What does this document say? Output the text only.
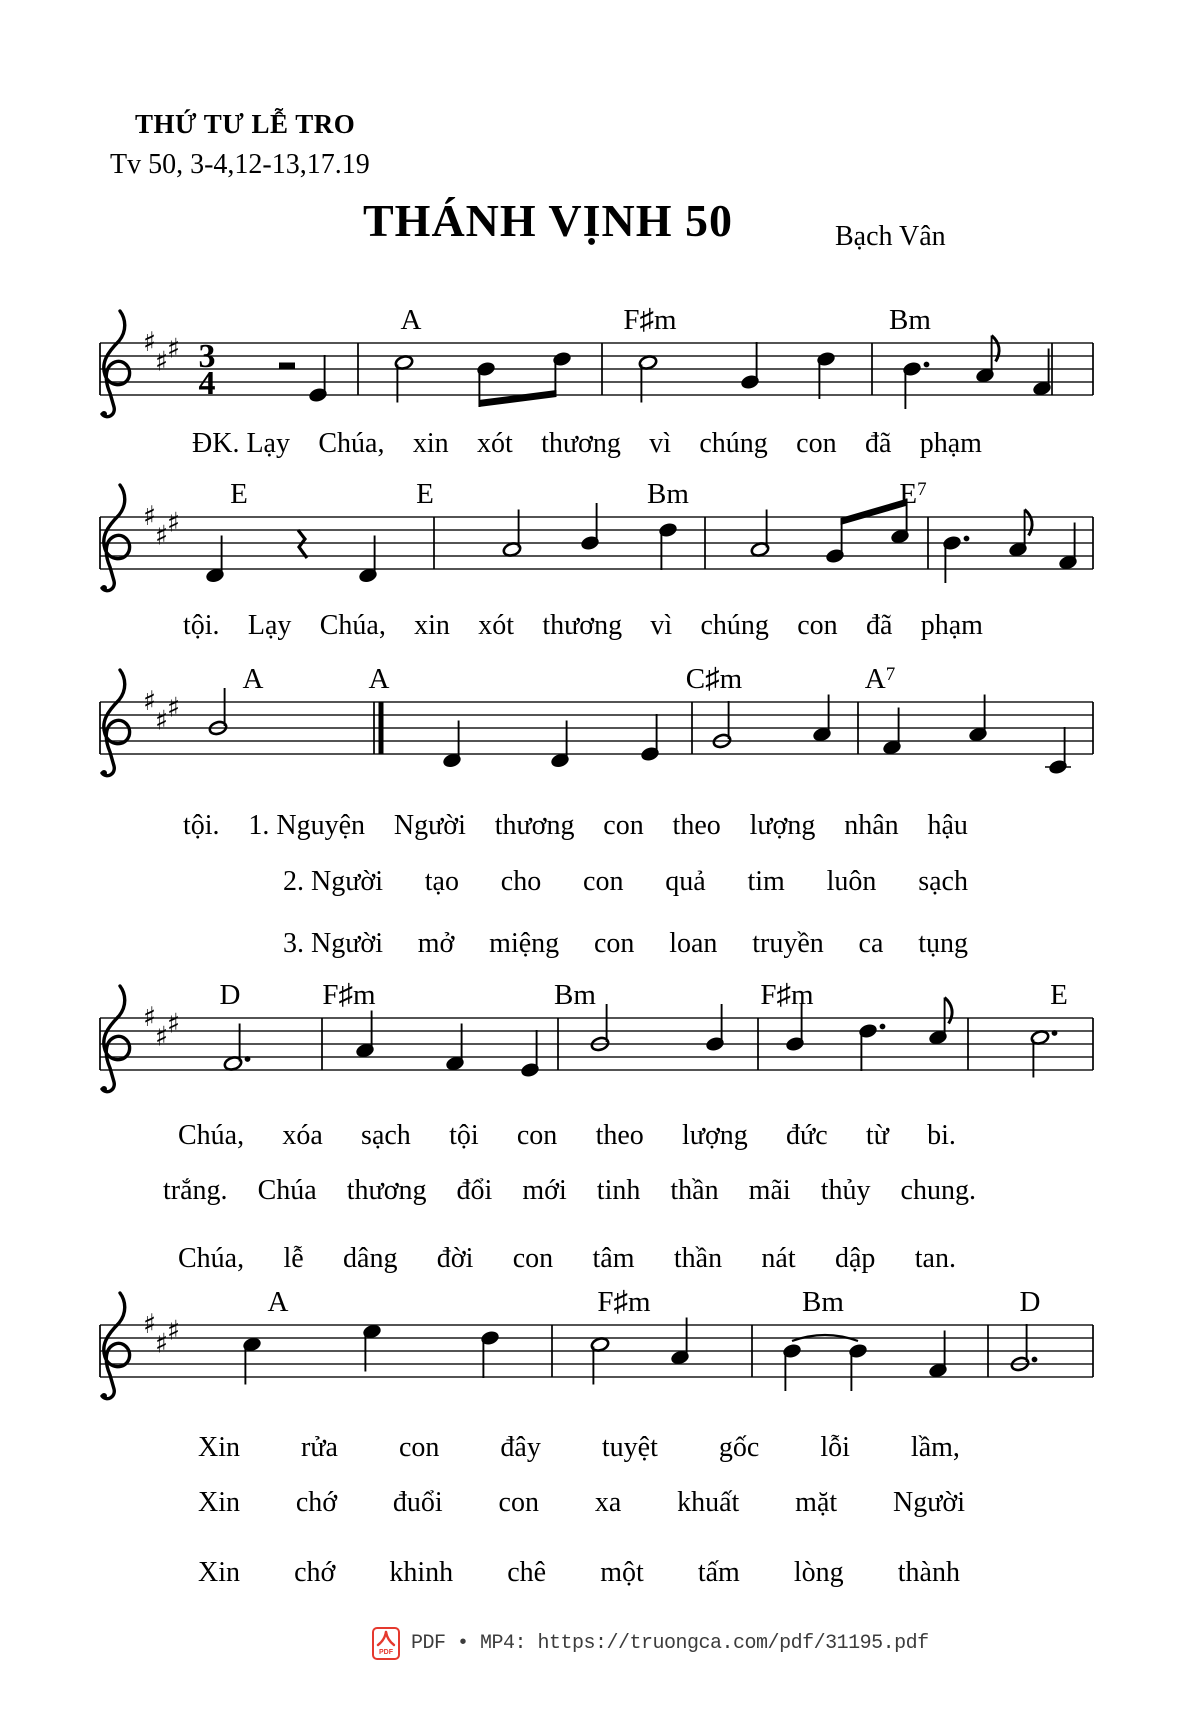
THỨ TƯ LỄ TRO
Tv 50, 3-4,12-13,17.19
THÁNH VỊNH 50	Bạch Vân
♯
♯
♯ 3
4
A	F♯m	Bm
♯
♯
♯
E	E	Bm	$E^7$
♯
♯
♯
A	A	C♯m	$A^7$
♯
♯
♯
D	F♯m	Bm	F♯m	E
♯
♯
♯
A	F♯m	Bm	D
ĐK. Lạy Chúa, xin xót thương vì chúng con đã phạm
tội. Lạy Chúa, xin xót thương vì chúng con đã phạm
tội. 1. Nguyện Người thương con theo lượng nhân hậu
2. Người tạo cho con quả tim luôn sạch
3. Người mở miệng con loan truyền ca tụng
Chúa, xóa sạch tội con theo lượng đức từ bi.
trắng. Chúa thương đổi mới tinh thần mãi thủy chung.
Chúa, lễ dâng đời con tâm thần nát dập tan.
Xin rửa con đây tuyệt gốc lỗi lầm,
Xin chớ đuổi con xa khuất mặt Người
Xin chớ khinh chê một tấm lòng thành
PDF PDF • MP4: https://truongca.com/pdf/31195.pdf
